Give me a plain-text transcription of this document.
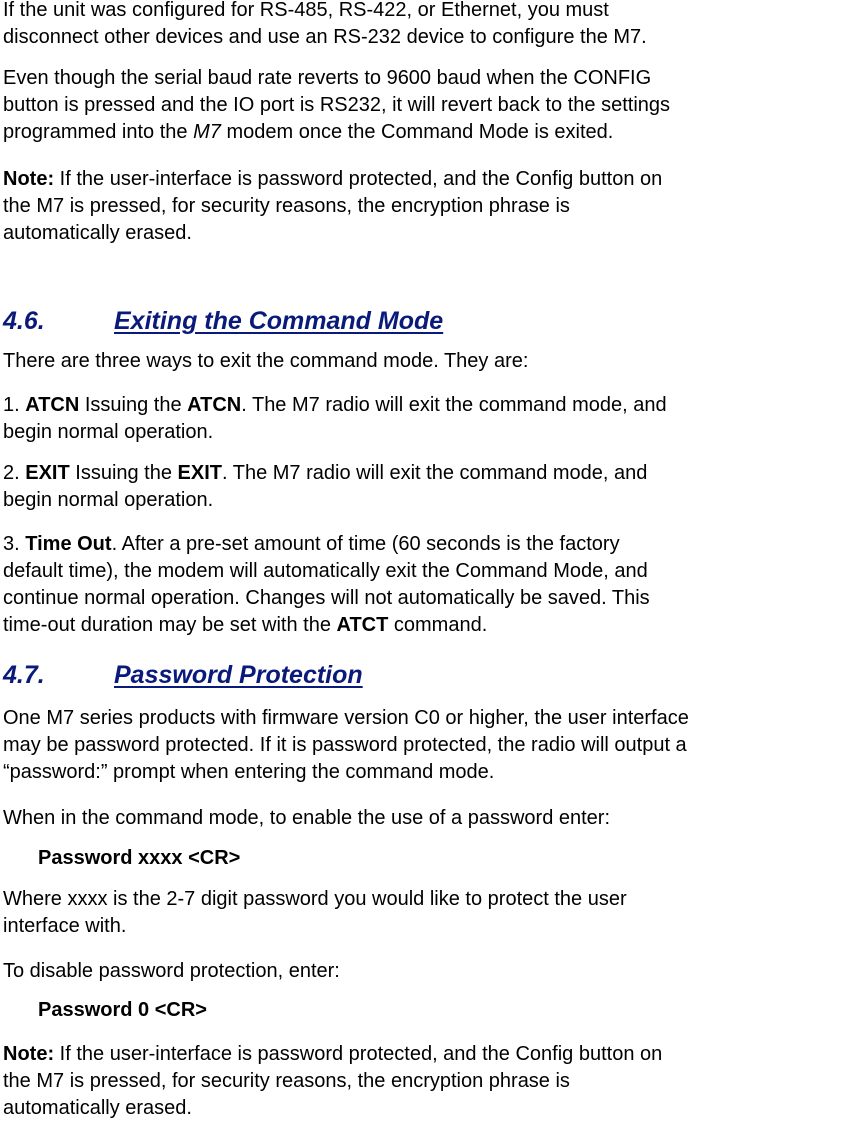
If the unit was configured for RS-485, RS-422, or Ethernet, you must
disconnect other devices and use an RS-232 device to configure the M7.

Even though the serial baud rate reverts to 9600 baud when the CONFIG
button is pressed and the IO port is RS232, it will revert back to the settings
programmed into the M7 modem once the Command Mode is exited.

Note: If the user-interface is password protected, and the Config button on
the M7 is pressed, for security reasons, the encryption phrase is
automatically erased.

4.6.	Exiting the Command Mode

There are three ways to exit the command mode. They are:

1. ATCN Issuing the ATCN. The M7 radio will exit the command mode, and
begin normal operation.

2. EXIT Issuing the EXIT. The M7 radio will exit the command mode, and
begin normal operation.

3. Time Out. After a pre-set amount of time (60 seconds is the factory
default time), the modem will automatically exit the Command Mode, and
continue normal operation. Changes will not automatically be saved. This
time-out duration may be set with the ATCT command.

4.7.	Password Protection

One M7 series products with firmware version C0 or higher, the user interface
may be password protected. If it is password protected, the radio will output a
“password:” prompt when entering the command mode.

When in the command mode, to enable the use of a password enter:

Password xxxx <CR>

Where xxxx is the 2-7 digit password you would like to protect the user
interface with.

To disable password protection, enter:

Password 0 <CR>

Note: If the user-interface is password protected, and the Config button on
the M7 is pressed, for security reasons, the encryption phrase is
automatically erased.
